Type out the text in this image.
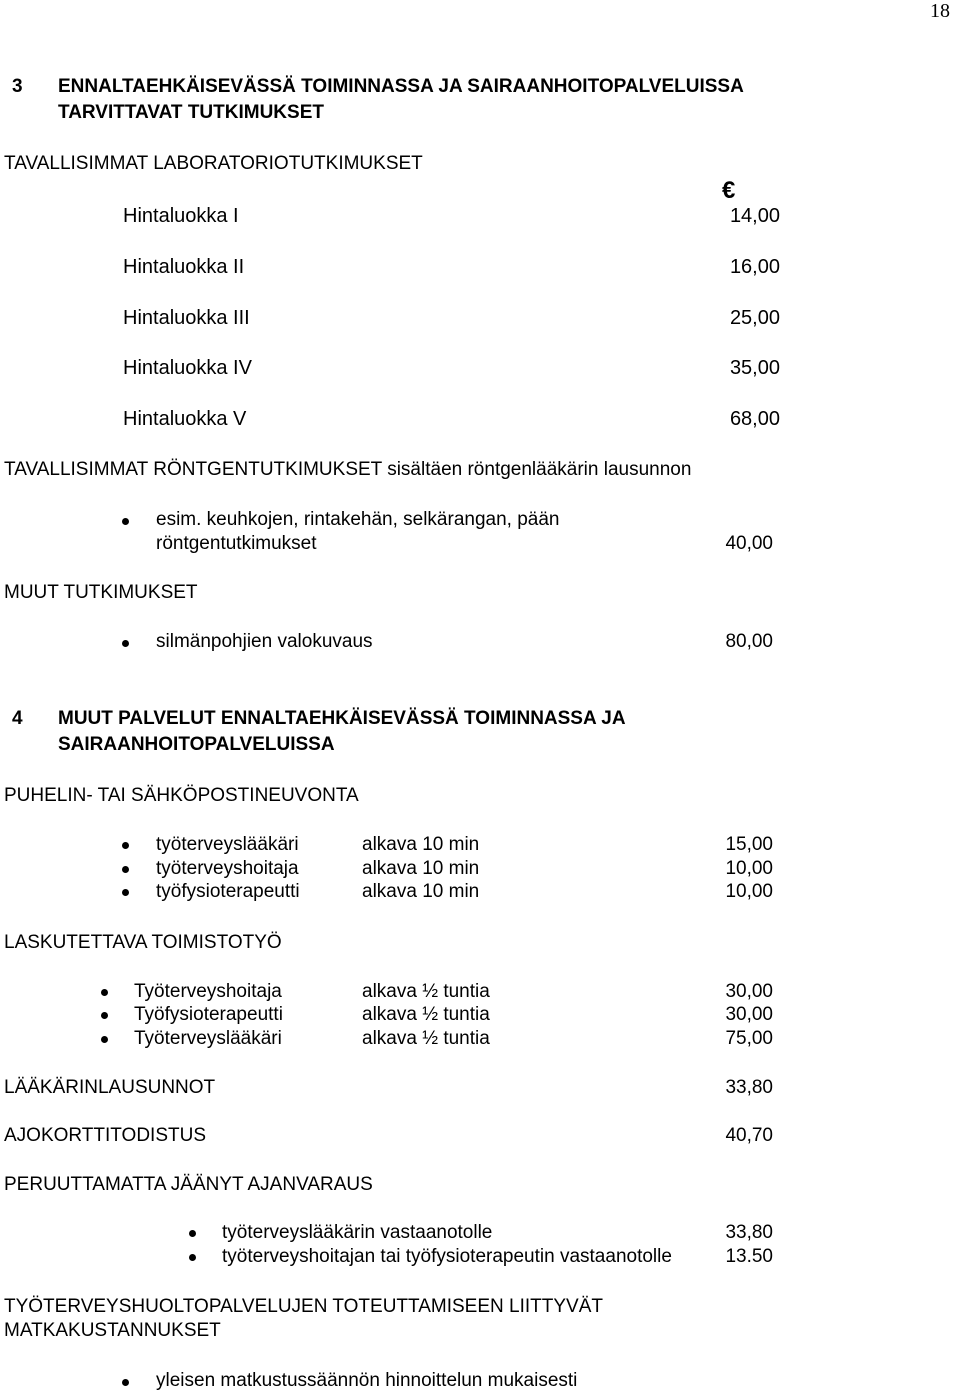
18
3 ENNALTAEHKÄISEVÄSSÄ TOIMINNASSA JA SAIRAANHOITOPALVELUISSA
TARVITTAVAT TUTKIMUKSET
TAVALLISIMMAT LABORATORIOTUTKIMUKSET
€
Hintaluokka I	14,00
Hintaluokka II	16,00
Hintaluokka III	25,00
Hintaluokka IV	35,00
Hintaluokka V	68,00
TAVALLISIMMAT RÖNTGENTUTKIMUKSET sisältäen röntgenlääkärin lausunnon
esim. keuhkojen, rintakehän, selkärangan, pään
röntgentutkimukset	40,00
MUUT TUTKIMUKSET
silmänpohjien valokuvaus	80,00
4 MUUT PALVELUT ENNALTAEHKÄISEVÄSSÄ TOIMINNASSA JA
SAIRAANHOITOPALVELUISSA
PUHELIN- TAI SÄHKÖPOSTINEUVONTA
työterveyslääkäri	alkava 10 min	15,00
työterveyshoitaja	alkava 10 min	10,00
työfysioterapeutti	alkava 10 min	10,00
LASKUTETTAVA TOIMISTOTYÖ
Työterveyshoitaja	alkava ½ tuntia	30,00
Työfysioterapeutti	alkava ½ tuntia	30,00
Työterveyslääkäri	alkava ½ tuntia	75,00
LÄÄKÄRINLAUSUNNOT	33,80
AJOKORTTITODISTUS	40,70
PERUUTTAMATTA JÄÄNYT AJANVARAUS
työterveyslääkärin vastaanotolle	33,80
työterveyshoitajan tai työfysioterapeutin vastaanotolle	13.50
TYÖTERVEYSHUOLTOPALVELUJEN TOTEUTTAMISEEN LIITTYVÄT
MATKAKUSTANNUKSET
yleisen matkustussäännön hinnoittelun mukaisesti
